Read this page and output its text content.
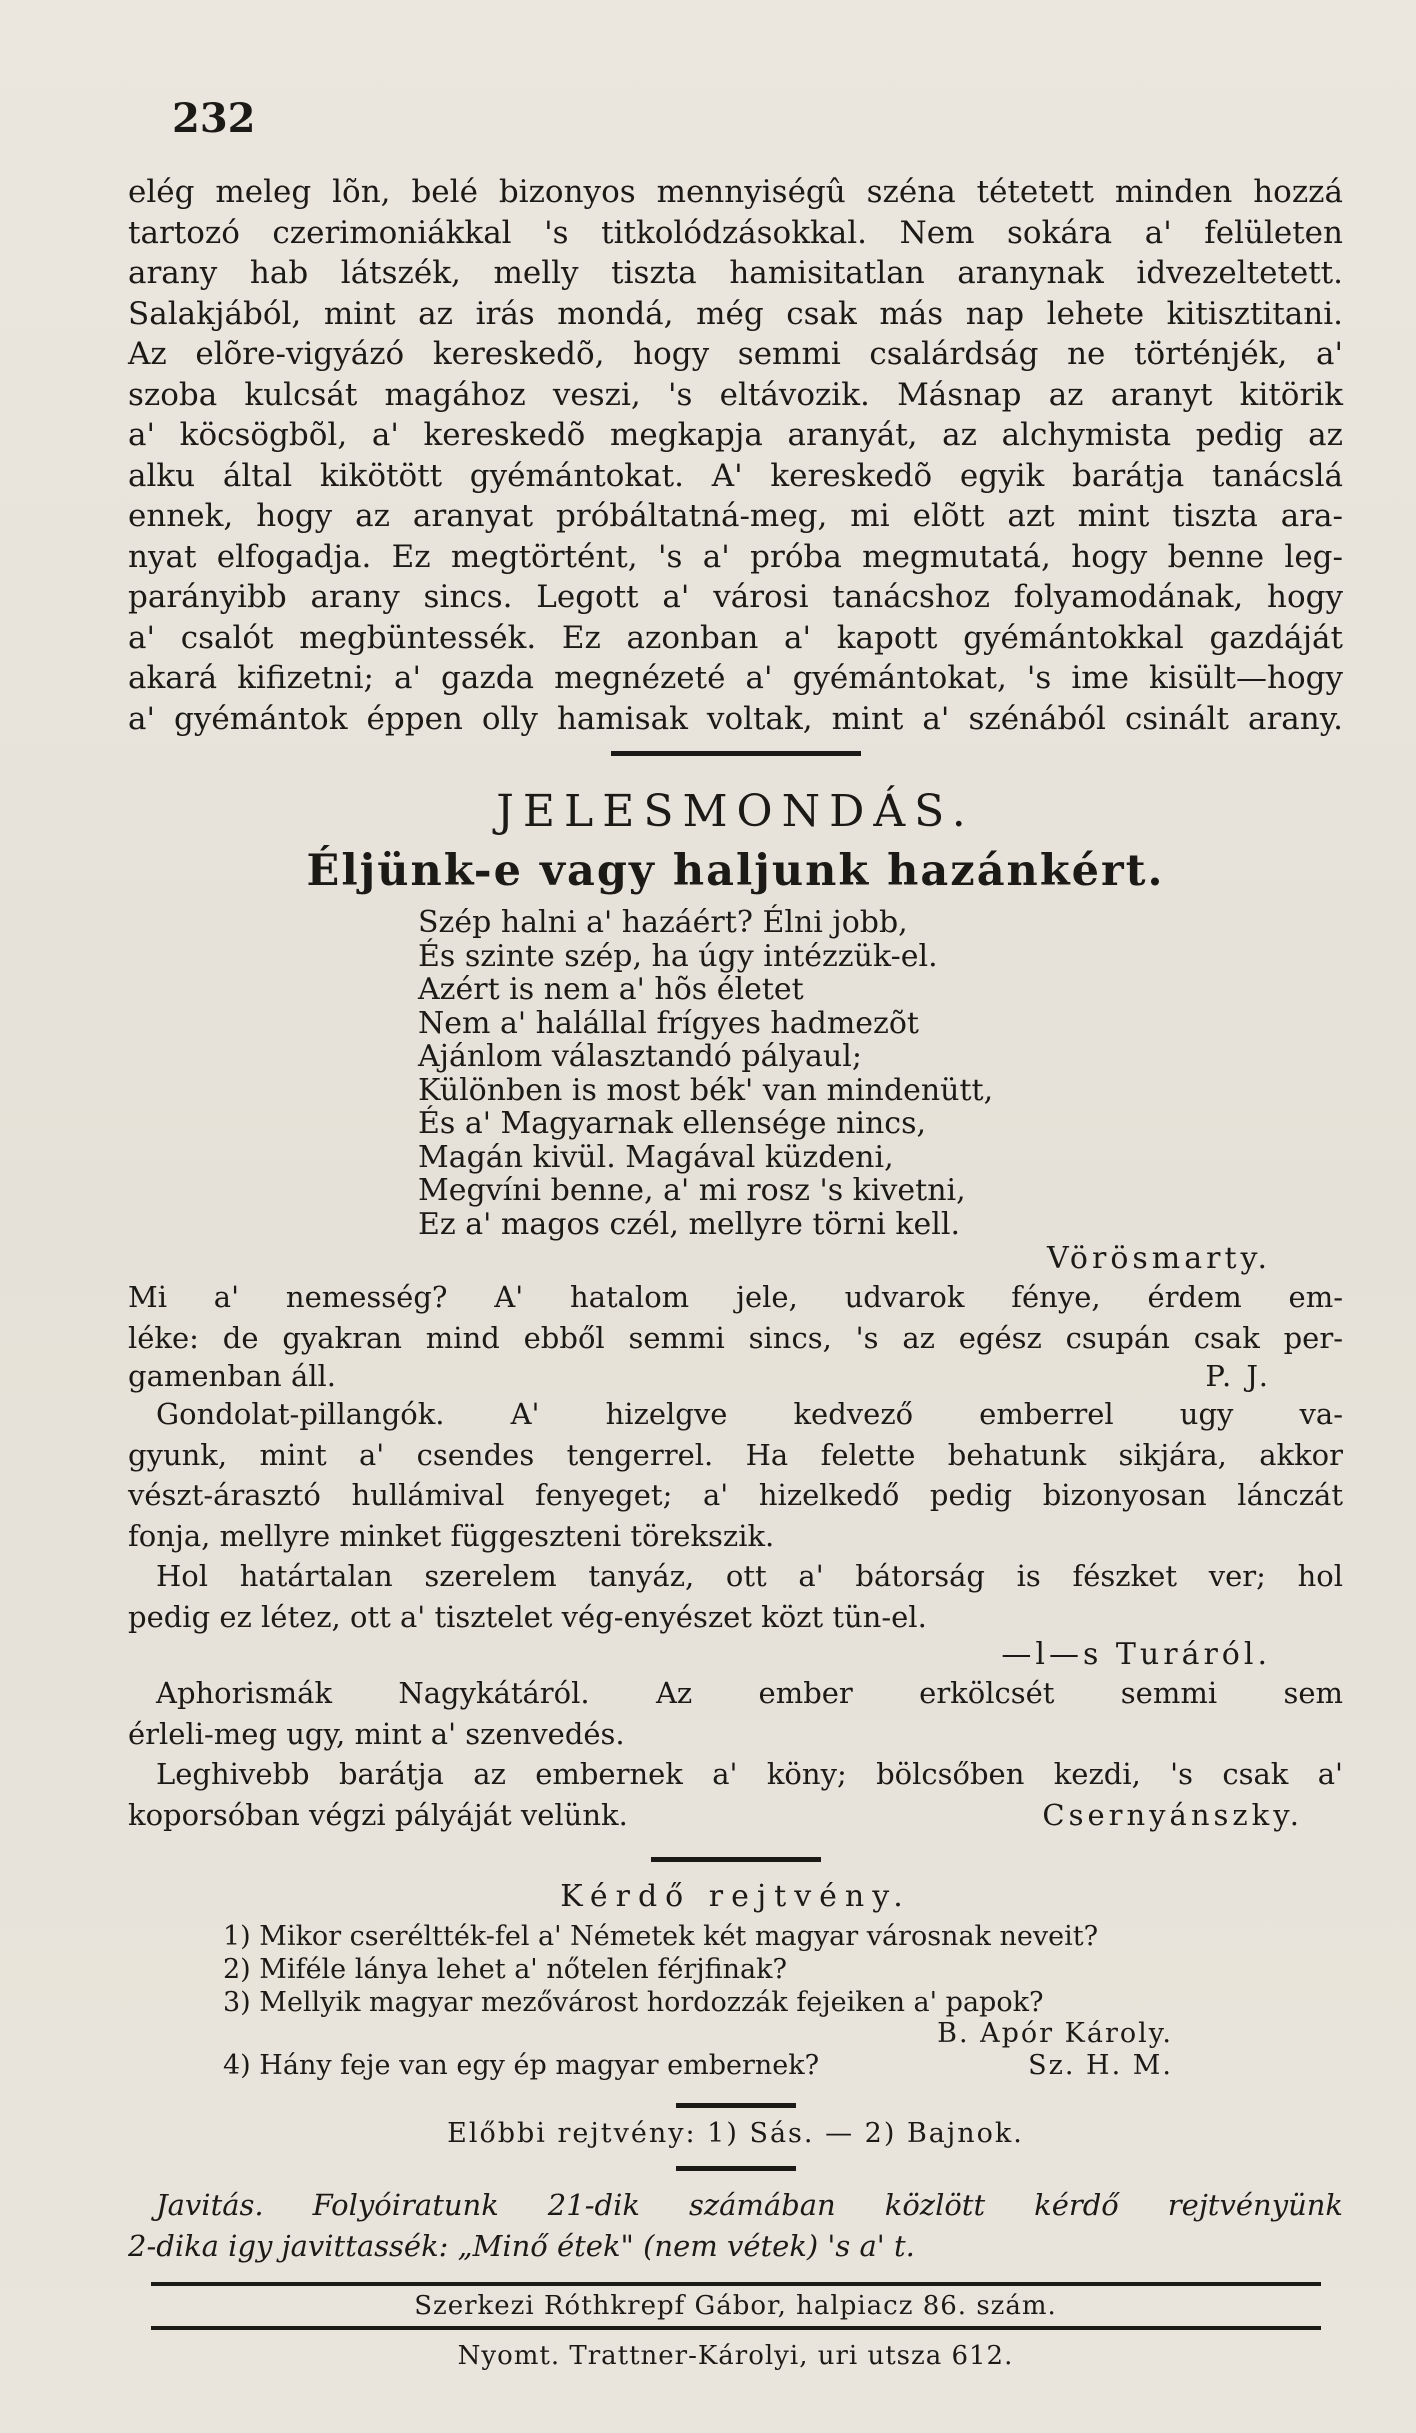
232
elég meleg lõn, belé bizonyos mennyiségû széna tétetett minden hozzá
tartozó czerimoniákkal 's titkolódzásokkal. Nem sokára a' felületen
arany hab látszék, melly tiszta hamisitatlan aranynak idvezeltetett.
Salakjából, mint az irás mondá, még csak más nap lehete kitisztitani.
Az elõre-vigyázó kereskedõ, hogy semmi csalárdság ne történjék, a'
szoba kulcsát magához veszi, 's eltávozik. Másnap az aranyt kitörik
a' köcsögbõl, a' kereskedõ megkapja aranyát, az alchymista pedig az
alku által kikötött gyémántokat. A' kereskedõ egyik barátja tanácslá
ennek, hogy az aranyat próbáltatná-meg, mi elõtt azt mint tiszta ara-
nyat elfogadja. Ez megtörtént, 's a' próba megmutatá, hogy benne leg-
parányibb arany sincs. Legott a' városi tanácshoz folyamodának, hogy
a' csalót megbüntessék. Ez azonban a' kapott gyémántokkal gazdáját
akará kifizetni; a' gazda megnézeté a' gyémántokat, 's ime kisült—hogy
a' gyémántok éppen olly hamisak voltak, mint a' szénából csinált arany.
JELESMONDÁS.
Éljünk-e vagy haljunk hazánkért.
Szép halni a' hazáért? Élni jobb,
És szinte szép, ha úgy intézzük-el.
Azért is nem a' hõs életet
Nem a' halállal frígyes hadmezõt
Ajánlom választandó pályaul;
Különben is most bék' van mindenütt,
És a' Magyarnak ellensége nincs,
Magán kivül. Magával küzdeni,
Megvíni benne, a' mi rosz 's kivetni,
Ez a' magos czél, mellyre törni kell.
Vörösmarty.
Mi a' nemesség? A' hatalom jele, udvarok fénye, érdem em-
léke: de gyakran mind ebből semmi sincs, 's az egész csupán csak per-
gamenban áll.	P. J.
Gondolat-pillangók. A' hizelgve kedvező emberrel ugy va-
gyunk, mint a' csendes tengerrel. Ha felette behatunk sikjára, akkor
vészt-árasztó hullámival fenyeget; a' hizelkedő pedig bizonyosan lánczát
fonja, mellyre minket függeszteni törekszik.
Hol határtalan szerelem tanyáz, ott a' bátorság is fészket ver; hol
pedig ez létez, ott a' tisztelet vég-enyészet közt tün-el.
—l—s Turáról.
Aphorismák Nagykátáról. Az ember erkölcsét semmi sem
érleli-meg ugy, mint a' szenvedés.
Leghivebb barátja az embernek a' köny; bölcsőben kezdi, 's csak a'
koporsóban végzi pályáját velünk.	Csernyánszky.
Kérdő rejtvény.
1) Mikor cseréltték-fel a' Németek két magyar városnak neveit?
2) Miféle lánya lehet a' nőtelen férjfinak?
3) Mellyik magyar mezővárost hordozzák fejeiken a' papok?
B. Apór Károly.
4) Hány feje van egy ép magyar embernek?	Sz. H. M.
Előbbi rejtvény: 1) Sás. — 2) Bajnok.
Javitás. Folyóiratunk 21-dik számában közlött kérdő rejtvényünk
2-dika igy javittassék: „Minő étek" (nem vétek) 's a' t.
Szerkezi Róthkrepf Gábor, halpiacz 86. szám.
Nyomt. Trattner-Károlyi, uri utsza 612.
